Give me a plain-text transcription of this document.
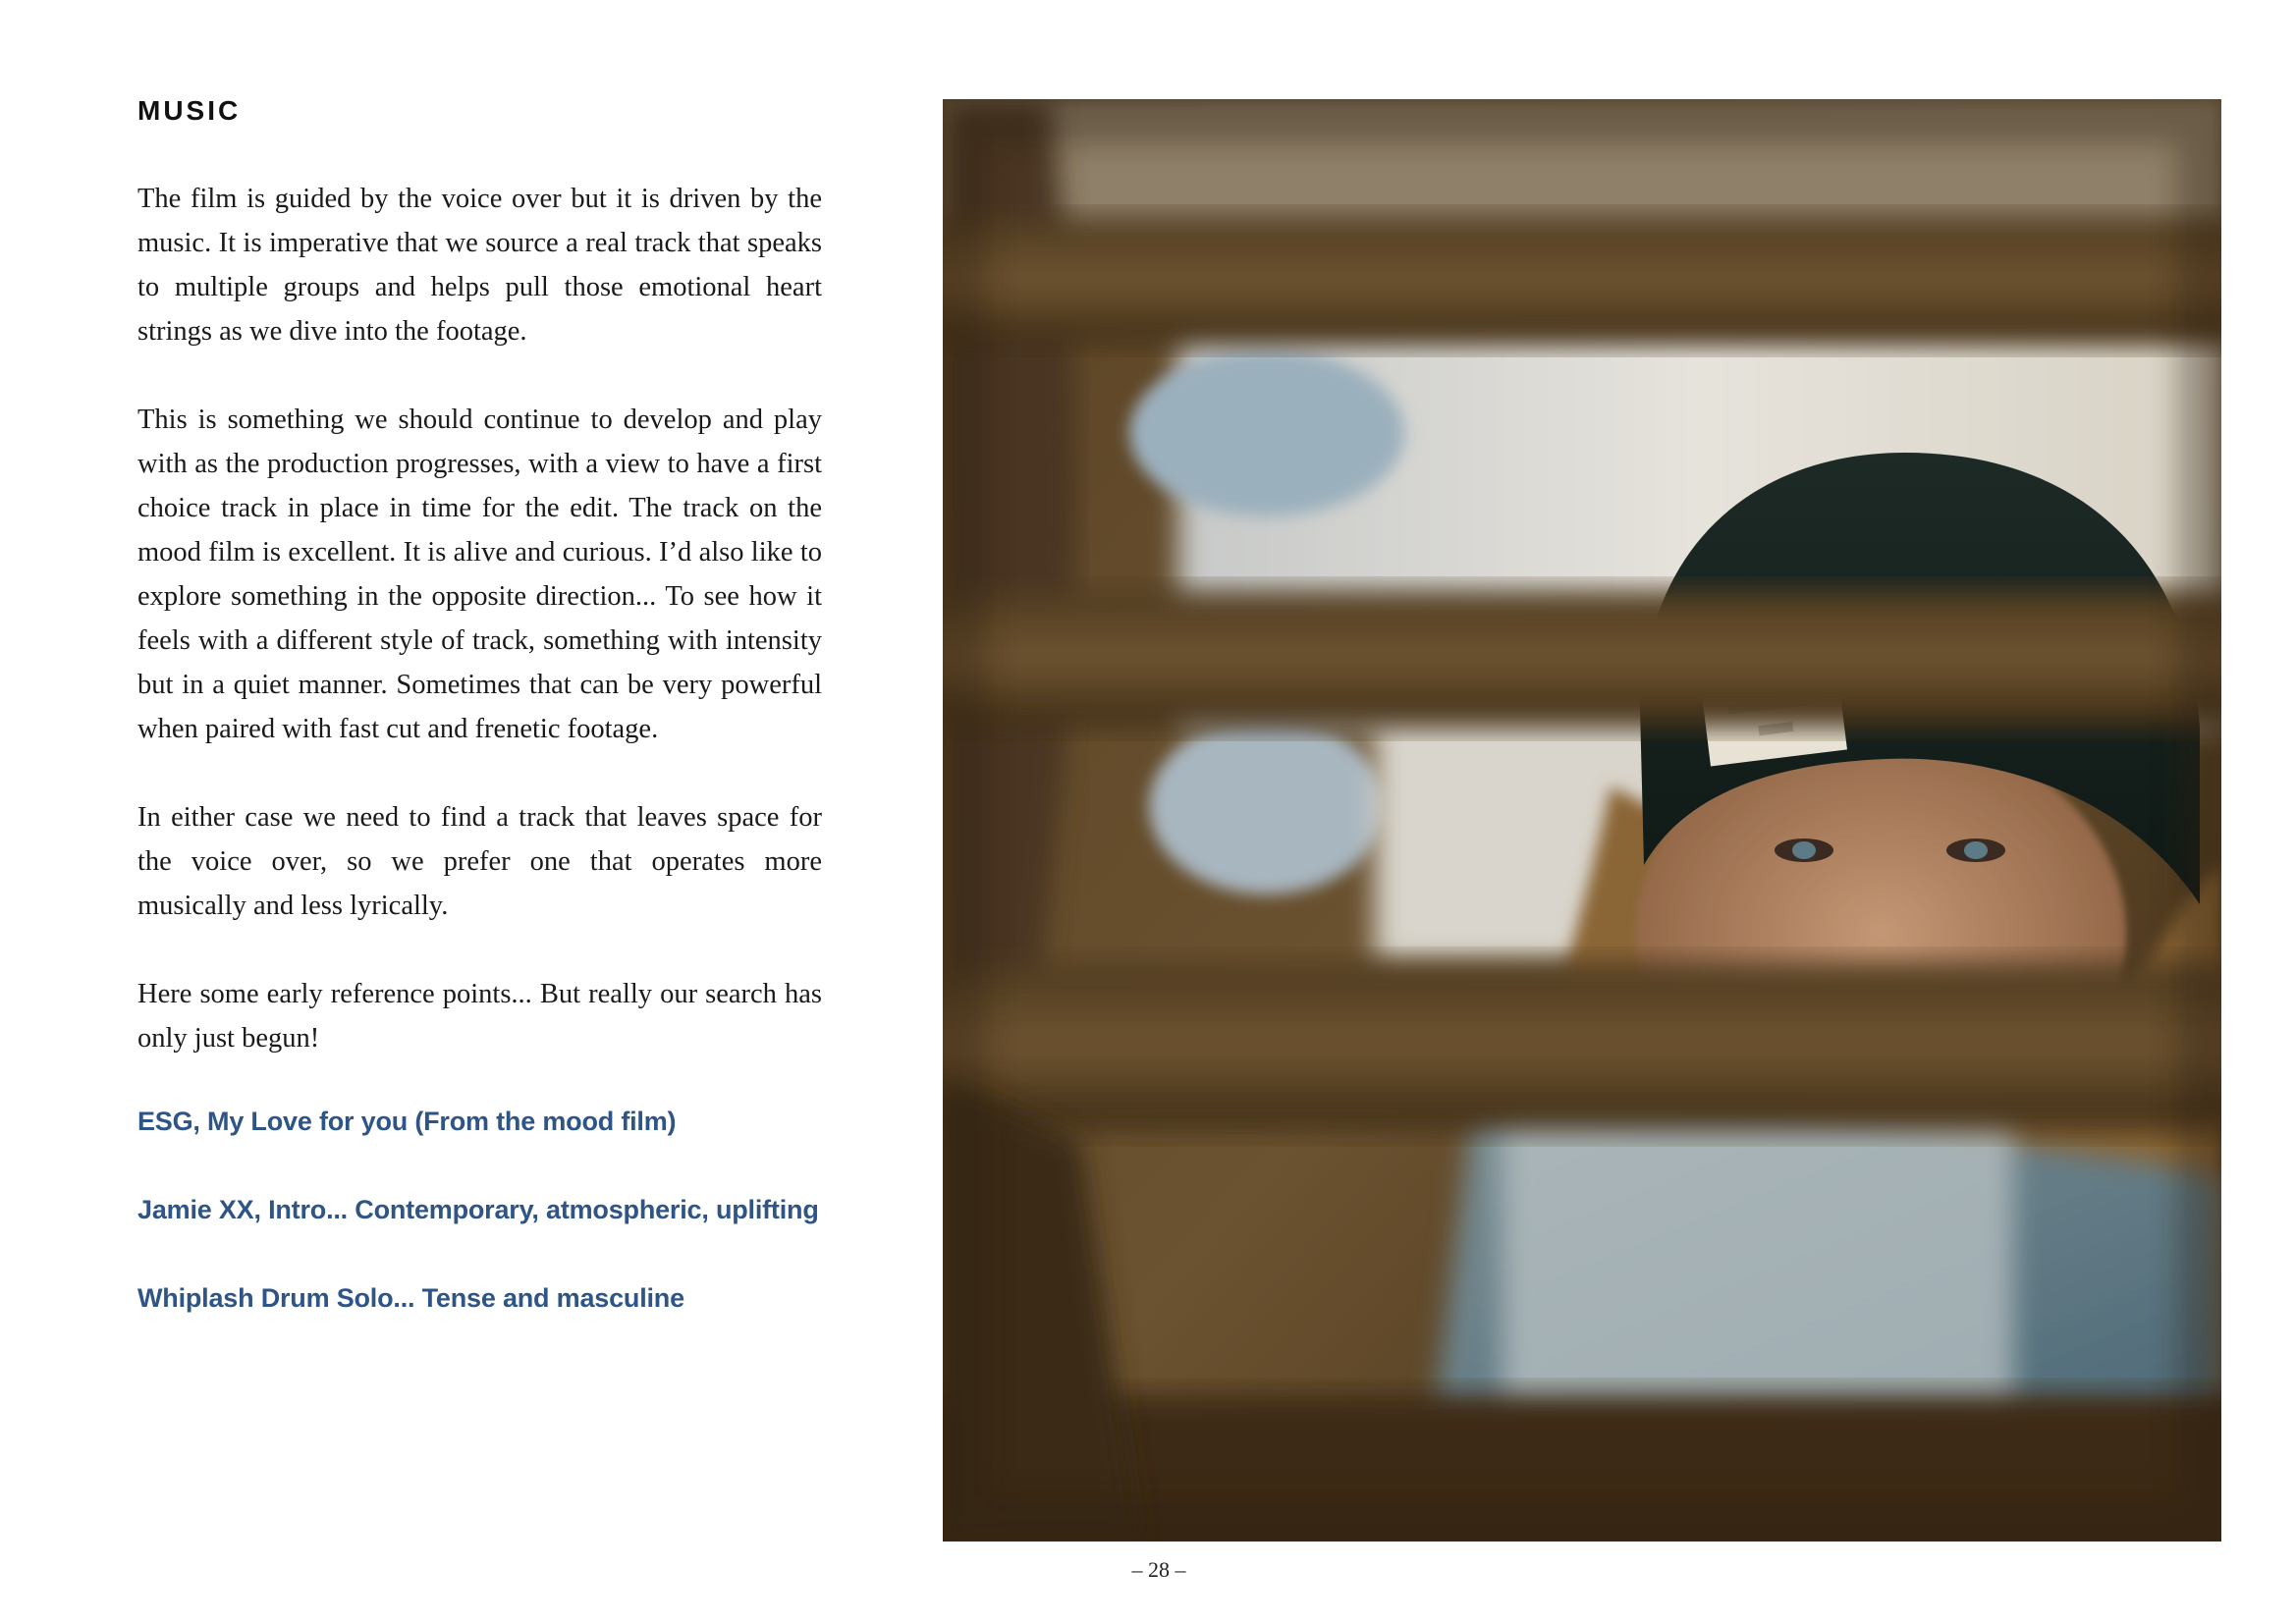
MUSIC

The film is guided by the voice over but it is driven by the music. It is imperative that we source a real track that speaks to multiple groups and helps pull those emotional heart strings as we dive into the footage.

This is something we should continue to develop and play with as the production progresses, with a view to have a first choice track in place in time for the edit. The track on the mood film is excellent. It is alive and curious. I’d also like to explore something in the opposite direction... To see how it feels with a different style of track, something with intensity but in a quiet manner. Sometimes that can be very powerful when paired with fast cut and frenetic footage.

In either case we need to find a track that leaves space for the voice over, so we prefer one that operates more musically and less lyrically.

Here some early reference points... But really our search has only just begun!

ESG, My Love for you (From the mood film)
Jamie XX, Intro... Contemporary, atmospheric, uplifting
Whiplash Drum Solo... Tense and masculine
– 28 –
